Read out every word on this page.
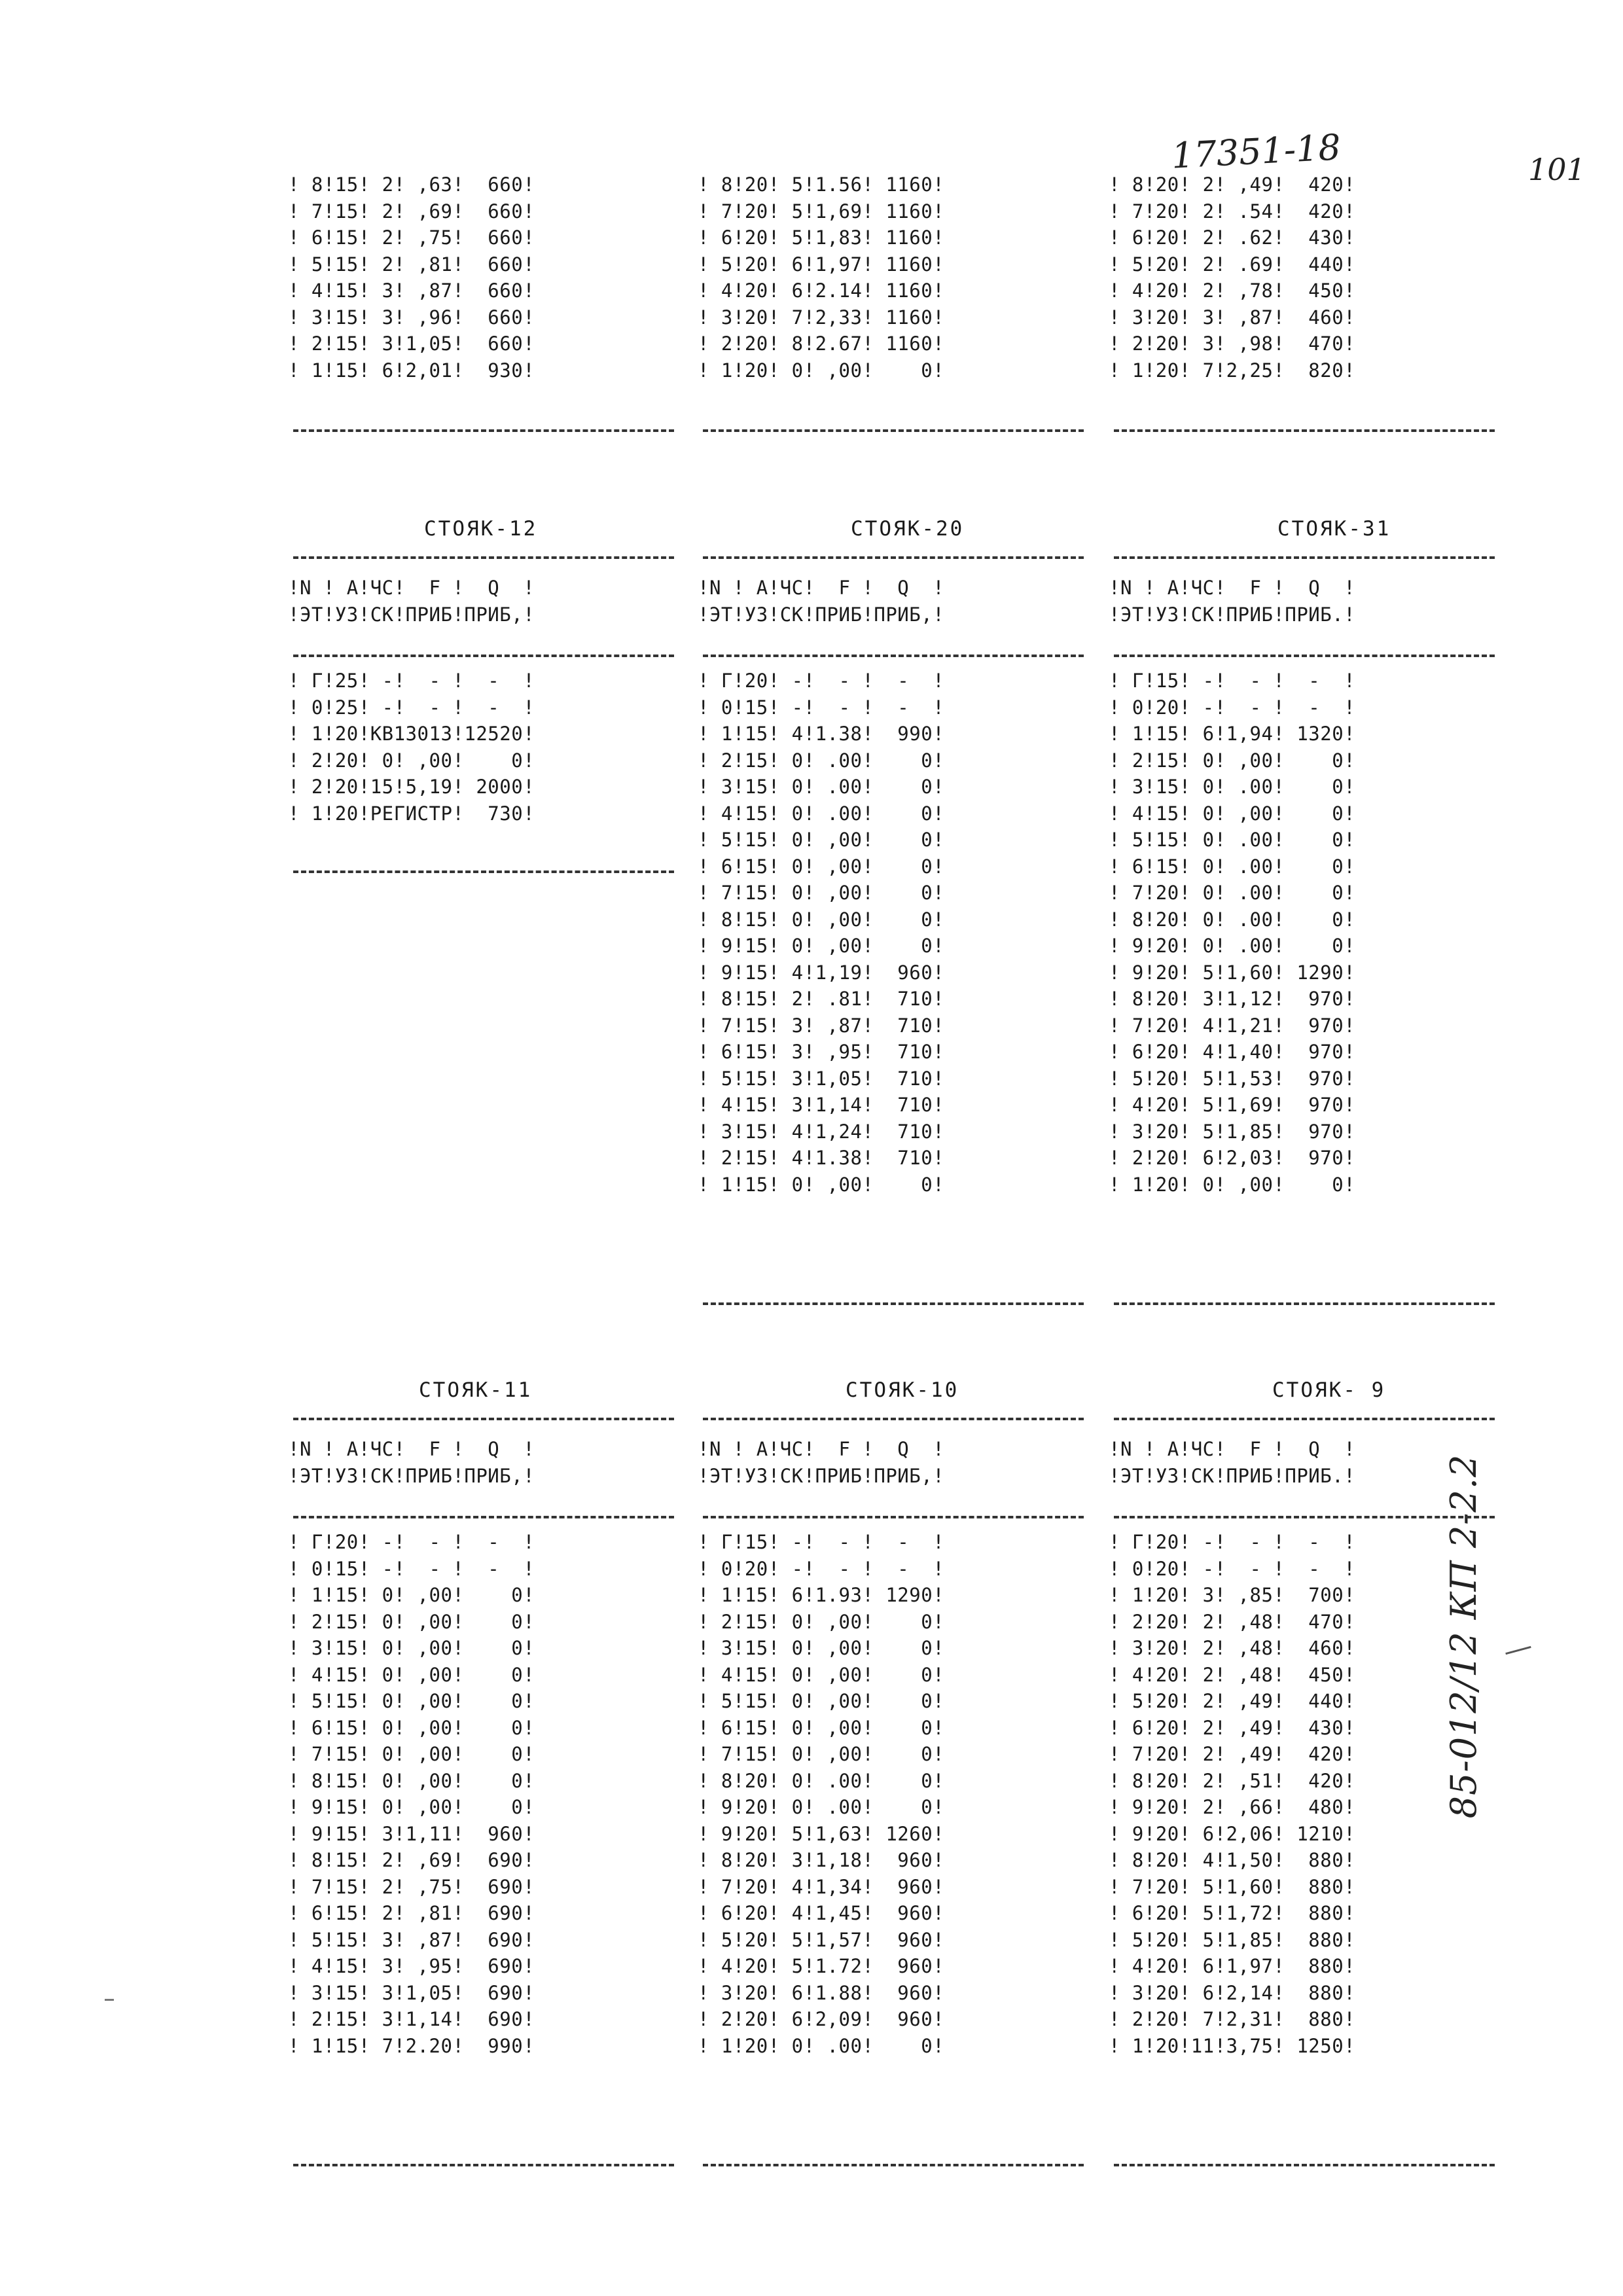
17351-18	101
85-012/12 КП 2-2.2
! 8!15! 2! ,63!  660!
! 7!15! 2! ,69!  660!
! 6!15! 2! ,75!  660!
! 5!15! 2! ,81!  660!
! 4!15! 3! ,87!  660!
! 3!15! 3! ,96!  660!
! 2!15! 3!1,05!  660!
! 1!15! 6!2,01!  930!
! 8!20! 5!1.56! 1160!
! 7!20! 5!1,69! 1160!
! 6!20! 5!1,83! 1160!
! 5!20! 6!1,97! 1160!
! 4!20! 6!2.14! 1160!
! 3!20! 7!2,33! 1160!
! 2!20! 8!2.67! 1160!
! 1!20! 0! ,00!    0!
! 8!20! 2! ,49!  420!
! 7!20! 2! .54!  420!
! 6!20! 2! .62!  430!
! 5!20! 2! .69!  440!
! 4!20! 2! ,78!  450!
! 3!20! 3! ,87!  460!
! 2!20! 3! ,98!  470!
! 1!20! 7!2,25!  820!
СТОЯК-12
!N ! А!ЧС!  F !  Q  !
!ЭТ!УЗ!СК!ПРИБ!ПРИБ,!
! Г!25! -!  - !  -  !
! 0!25! -!  - !  -  !
! 1!20!КВ1З01З!12520!
! 2!20! 0! ,00!    0!
! 2!20!15!5,19! 2000!
! 1!20!РЕГИСТР!  730!
СТОЯК-20
!N ! А!ЧС!  F !  Q  !
!ЭТ!УЗ!СК!ПРИБ!ПРИБ,!
! Г!20! -!  - !  -  !
! 0!15! -!  - !  -  !
! 1!15! 4!1.38!  990!
! 2!15! 0! .00!    0!
! 3!15! 0! .00!    0!
! 4!15! 0! .00!    0!
! 5!15! 0! ,00!    0!
! 6!15! 0! ,00!    0!
! 7!15! 0! ,00!    0!
! 8!15! 0! ,00!    0!
! 9!15! 0! ,00!    0!
! 9!15! 4!1,19!  960!
! 8!15! 2! .81!  710!
! 7!15! 3! ,87!  710!
! 6!15! 3! ,95!  710!
! 5!15! 3!1,05!  710!
! 4!15! 3!1,14!  710!
! 3!15! 4!1,24!  710!
! 2!15! 4!1.38!  710!
! 1!15! 0! ,00!    0!
СТОЯК-31
!N ! А!ЧС!  F !  Q  !
!ЭТ!УЗ!СК!ПРИБ!ПРИБ.!
! Г!15! -!  - !  -  !
! 0!20! -!  - !  -  !
! 1!15! 6!1,94! 1320!
! 2!15! 0! ,00!    0!
! 3!15! 0! .00!    0!
! 4!15! 0! ,00!    0!
! 5!15! 0! .00!    0!
! 6!15! 0! .00!    0!
! 7!20! 0! .00!    0!
! 8!20! 0! .00!    0!
! 9!20! 0! .00!    0!
! 9!20! 5!1,60! 1290!
! 8!20! 3!1,12!  970!
! 7!20! 4!1,21!  970!
! 6!20! 4!1,40!  970!
! 5!20! 5!1,53!  970!
! 4!20! 5!1,69!  970!
! 3!20! 5!1,85!  970!
! 2!20! 6!2,03!  970!
! 1!20! 0! ,00!    0!
СТОЯК-11
!N ! А!ЧС!  F !  Q  !
!ЭТ!УЗ!СК!ПРИБ!ПРИБ,!
! Г!20! -!  - !  -  !
! 0!15! -!  - !  -  !
! 1!15! 0! ,00!    0!
! 2!15! 0! ,00!    0!
! 3!15! 0! ,00!    0!
! 4!15! 0! ,00!    0!
! 5!15! 0! ,00!    0!
! 6!15! 0! ,00!    0!
! 7!15! 0! ,00!    0!
! 8!15! 0! ,00!    0!
! 9!15! 0! ,00!    0!
! 9!15! 3!1,11!  960!
! 8!15! 2! ,69!  690!
! 7!15! 2! ,75!  690!
! 6!15! 2! ,81!  690!
! 5!15! 3! ,87!  690!
! 4!15! 3! ,95!  690!
! 3!15! 3!1,05!  690!
! 2!15! 3!1,14!  690!
! 1!15! 7!2.20!  990!
СТОЯК-10
!N ! А!ЧС!  F !  Q  !
!ЭТ!УЗ!СК!ПРИБ!ПРИБ,!
! Г!15! -!  - !  -  !
! 0!20! -!  - !  -  !
! 1!15! 6!1.93! 1290!
! 2!15! 0! ,00!    0!
! 3!15! 0! ,00!    0!
! 4!15! 0! ,00!    0!
! 5!15! 0! ,00!    0!
! 6!15! 0! ,00!    0!
! 7!15! 0! ,00!    0!
! 8!20! 0! .00!    0!
! 9!20! 0! .00!    0!
! 9!20! 5!1,63! 1260!
! 8!20! 3!1,18!  960!
! 7!20! 4!1,34!  960!
! 6!20! 4!1,45!  960!
! 5!20! 5!1,57!  960!
! 4!20! 5!1.72!  960!
! 3!20! 6!1.88!  960!
! 2!20! 6!2,09!  960!
! 1!20! 0! .00!    0!
СТОЯК- 9
!N ! А!ЧС!  F !  Q  !
!ЭТ!УЗ!СК!ПРИБ!ПРИБ.!
! Г!20! -!  - !  -  !
! 0!20! -!  - !  -  !
! 1!20! 3! ,85!  700!
! 2!20! 2! ,48!  470!
! 3!20! 2! ,48!  460!
! 4!20! 2! ,48!  450!
! 5!20! 2! ,49!  440!
! 6!20! 2! ,49!  430!
! 7!20! 2! ,49!  420!
! 8!20! 2! ,51!  420!
! 9!20! 2! ,66!  480!
! 9!20! 6!2,06! 1210!
! 8!20! 4!1,50!  880!
! 7!20! 5!1,60!  880!
! 6!20! 5!1,72!  880!
! 5!20! 5!1,85!  880!
! 4!20! 6!1,97!  880!
! 3!20! 6!2,14!  880!
! 2!20! 7!2,31!  880!
! 1!20!11!3,75! 1250!
